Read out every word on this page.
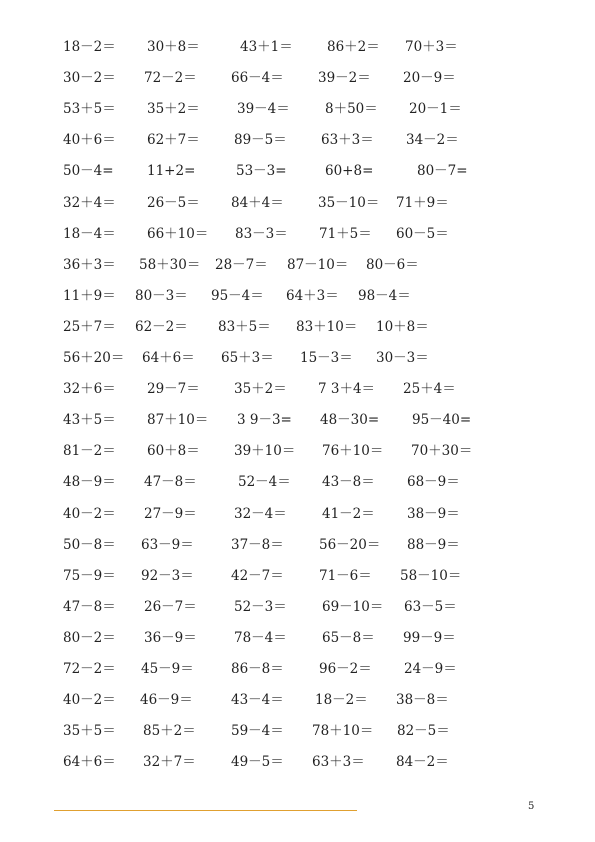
18－2＝ 30＋8＝	43＋1＝	86＋2＝ 70＋3＝
30－2＝ 72－2＝	66－4＝	39－2＝ 20－9＝
53＋5＝ 35＋2＝	39－4＝	8＋50＝ 20－1＝
40＋6＝ 62＋7＝	89－5＝	63＋3＝ 34－2＝
50－4= 11+2=	53－3=	60+8=	80－7=
32＋4＝ 26－5＝ 84＋4＝	35－10＝ 71＋9＝
18－4＝ 66＋10＝ 83－3＝ 71＋5＝ 60－5＝
36＋3＝ 58＋30＝ 28－7＝ 87－10＝ 80－6＝
11＋9＝ 80－3＝ 95－4＝ 64＋3＝ 98－4＝
25＋7＝ 62－2＝ 83＋5＝ 83＋10＝ 10＋8＝
56＋20＝ 64＋6＝ 65＋3＝ 15－3＝ 30－3＝
32＋6＝ 29－7＝	35＋2＝ 7 3＋4＝ 25＋4＝
43＋5＝ 87＋10＝ 3 9－3= 48－30= 95－40=
81－2＝ 60＋8＝	39＋10＝ 76＋10＝ 70＋30＝
48－9＝ 47－8＝	52－4＝ 43－8＝ 68－9＝
40－2＝ 27－9＝	32－4＝	41－2＝ 38－9＝
50－8＝ 63－9＝	37－8＝	56－20＝ 88－9＝
75－9＝ 92－3＝	42－7＝	71－6＝ 58－10＝
47－8＝ 26－7＝	52－3＝	69－10＝ 63－5＝
80－2＝ 36－9＝	78－4＝	65－8＝ 99－9＝
72－2＝ 45－9＝	86－8＝	96－2＝ 24－9＝
40－2＝ 46－9＝	43－4＝ 18－2＝ 38－8＝
35＋5＝ 85＋2＝	59－4＝ 78＋10＝ 82－5＝
64＋6＝ 32＋7＝	49－5＝ 63＋3＝ 84－2＝
5
